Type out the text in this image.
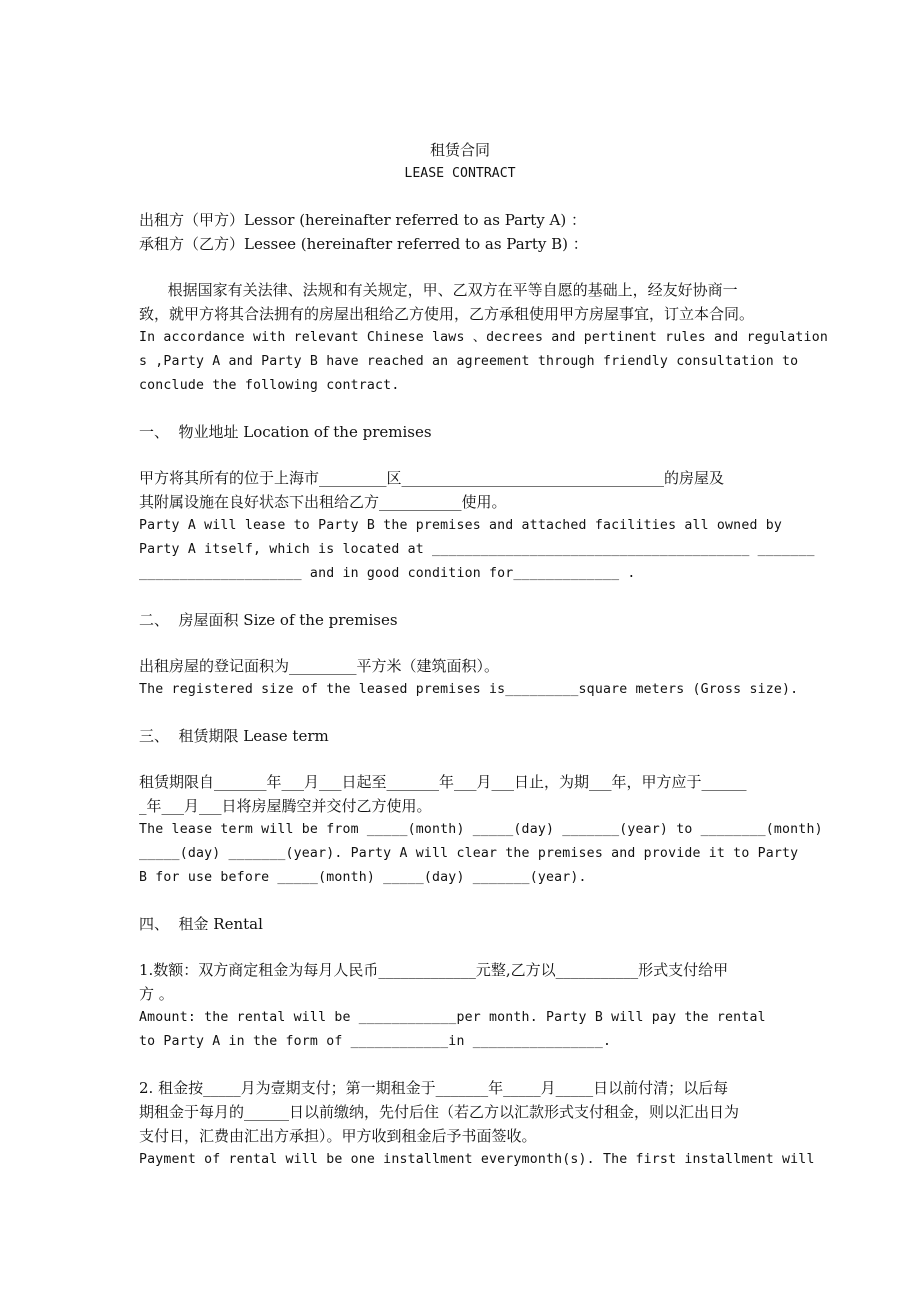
租赁合同
LEASE CONTRACT
出租方（甲方）Lessor (hereinafter referred to as Party A) ：
承租方（乙方）Lessee (hereinafter referred to as Party B) ：
根据国家有关法律、法规和有关规定，甲、乙双方在平等自愿的基础上，经友好协商一
致，就甲方将其合法拥有的房屋出租给乙方使用，乙方承租使用甲方房屋事宜，订立本合同。
In accordance with relevant Chinese laws 、decrees and pertinent rules and regulation
s ,Party A and Party B have reached an agreement through friendly consultation to
conclude the following contract.
一、  物业地址 Location of the premises
甲方将其所有的位于上海市_________区___________________________________的房屋及
其附属设施在良好状态下出租给乙方___________使用。
Party A will lease to Party B the premises and attached facilities all owned by
Party A itself, which is located at _______________________________________ _______
____________________ and in good condition for_____________ .
二、  房屋面积 Size of the premises
出租房屋的登记面积为_________平方米（建筑面积）。
The registered size of the leased premises is_________square meters (Gross size).
三、  租赁期限 Lease term
租赁期限自_______年___月___日起至_______年___月___日止，为期___年，甲方应于______
_年___月___日将房屋腾空并交付乙方使用。
The lease term will be from _____(month) _____(day) _______(year) to ________(month)
_____(day) _______(year). Party A will clear the premises and provide it to Party
B for use before _____(month) _____(day) _______(year).
四、  租金 Rental
1.数额：双方商定租金为每月人民币_____________元整,乙方以___________形式支付给甲
方 。
Amount: the rental will be ____________per month. Party B will pay the rental
to Party A in the form of ____________in ________________.
2. 租金按_____月为壹期支付；第一期租金于_______年_____月_____日以前付清；以后每
期租金于每月的______日以前缴纳，先付后住（若乙方以汇款形式支付租金，则以汇出日为
支付日，汇费由汇出方承担）。甲方收到租金后予书面签收。
Payment of rental will be one installment everymonth(s). The first installment will
